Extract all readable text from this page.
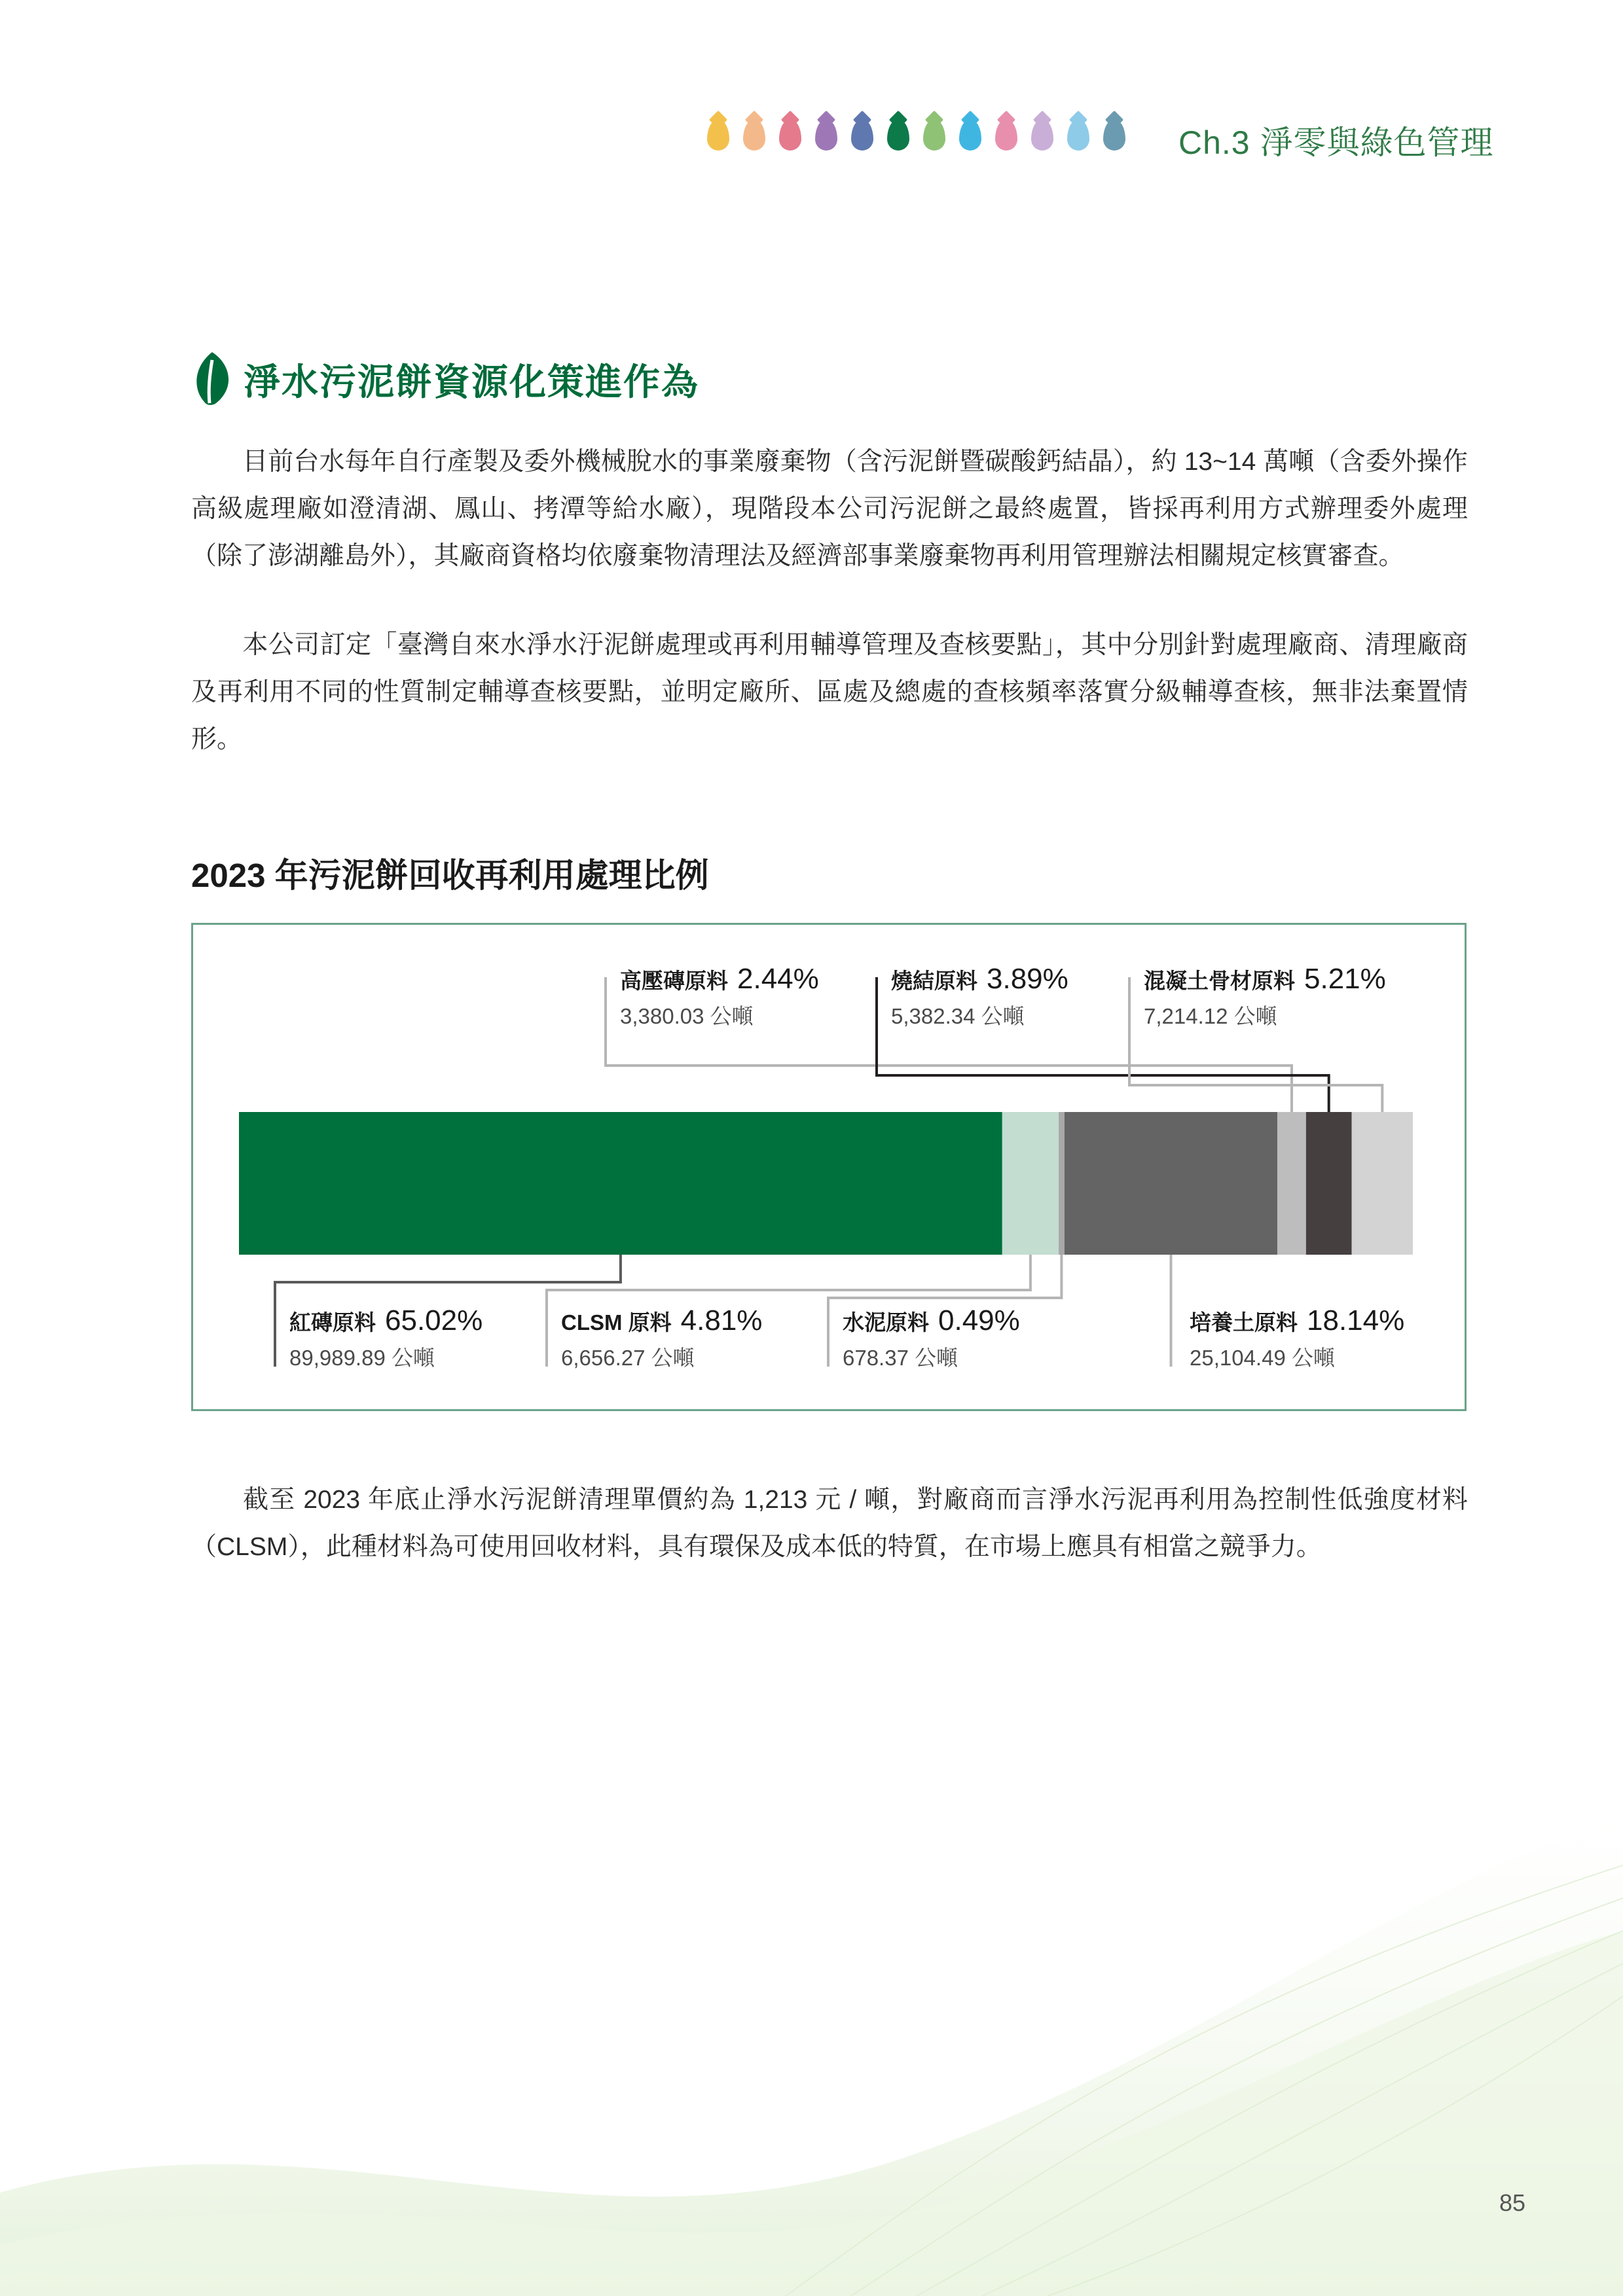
Ch.3 淨零與綠色管理
淨水污泥餅資源化策進作為
目前台水每年自行產製及委外機械脫水的事業廢棄物（含污泥餅暨碳酸鈣結晶），約 13~14 萬噸（含委外操作高級處理廠如澄清湖、鳳山、拷潭等給水廠），現階段本公司污泥餅之最終處置，皆採再利用方式辦理委外處理（除了澎湖離島外），其廠商資格均依廢棄物清理法及經濟部事業廢棄物再利用管理辦法相關規定核實審查。
本公司訂定「臺灣自來水淨水汙泥餅處理或再利用輔導管理及查核要點」，其中分別針對處理廠商、清理廠商及再利用不同的性質制定輔導查核要點，並明定廠所、區處及總處的查核頻率落實分級輔導查核，無非法棄置情形。
2023 年污泥餅回收再利用處理比例
紅磚原料 65.02%
89,989.89 公噸
CLSM 原料 4.81%
6,656.27 公噸
水泥原料 0.49%
678.37 公噸
培養土原料 18.14%
25,104.49 公噸
高壓磚原料 2.44%
3,380.03 公噸
燒結原料 3.89%
5,382.34 公噸
混凝土骨材原料 5.21%
7,214.12 公噸
截至 2023 年底止淨水污泥餅清理單價約為 1,213 元 / 噸，對廠商而言淨水污泥再利用為控制性低強度材料（CLSM），此種材料為可使用回收材料，具有環保及成本低的特質，在市場上應具有相當之競爭力。
85
